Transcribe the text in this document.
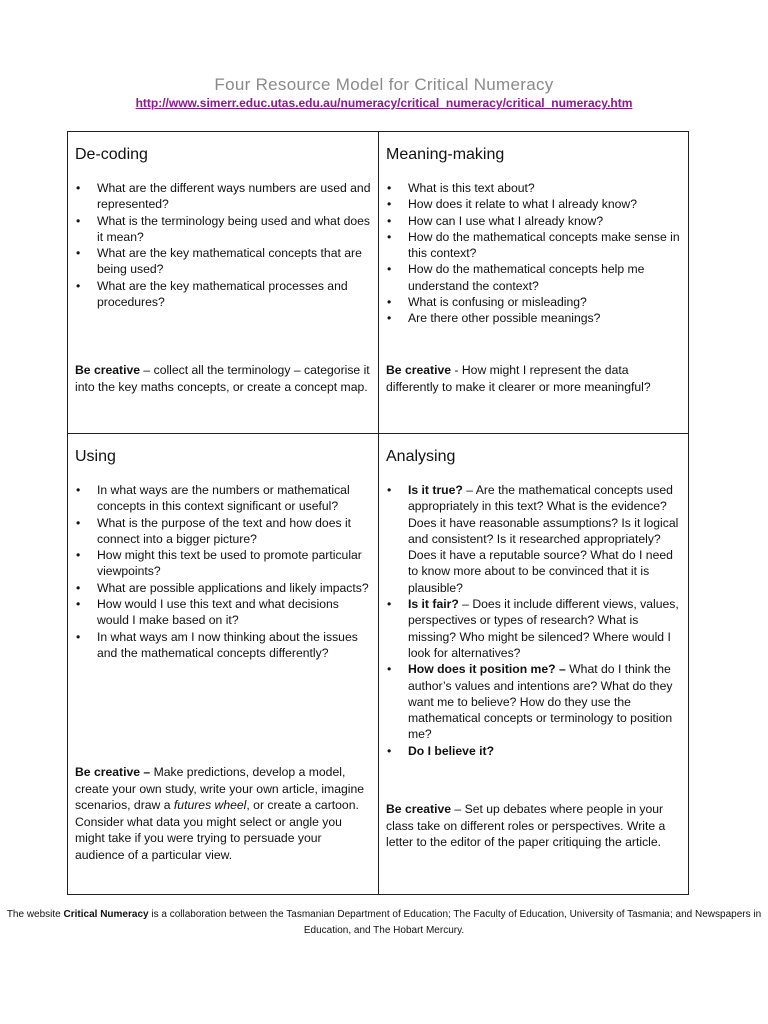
Four Resource Model for Critical Numeracy
http://www.simerr.educ.utas.edu.au/numeracy/critical_numeracy/critical_numeracy.htm
De-coding
• What are the different ways numbers are used and represented?
• What is the terminology being used and what does it mean?
• What are the key mathematical concepts that are being used?
• What are the key mathematical processes and procedures?
Be creative – collect all the terminology – categorise it into the key maths concepts, or create a concept map.
Meaning-making
• What is this text about?
• How does it relate to what I already know?
• How can I use what I already know?
• How do the mathematical concepts make sense in this context?
• How do the mathematical concepts help me understand the context?
• What is confusing or misleading?
• Are there other possible meanings?
Be creative - How might I represent the data differently to make it clearer or more meaningful?
Using
• In what ways are the numbers or mathematical concepts in this context significant or useful?
• What is the purpose of the text and how does it connect into a bigger picture?
• How might this text be used to promote particular viewpoints?
• What are possible applications and likely impacts?
• How would I use this text and what decisions would I make based on it?
• In what ways am I now thinking about the issues and the mathematical concepts differently?
Be creative – Make predictions, develop a model, create your own study, write your own article, imagine scenarios, draw a futures wheel, or create a cartoon. Consider what data you might select or angle you might take if you were trying to persuade your audience of a particular view.
Analysing
• Is it true? – Are the mathematical concepts used appropriately in this text? What is the evidence? Does it have reasonable assumptions? Is it logical and consistent? Is it researched appropriately? Does it have a reputable source? What do I need to know more about to be convinced that it is plausible?
• Is it fair? – Does it include different views, values, perspectives or types of research? What is missing? Who might be silenced? Where would I look for alternatives?
• How does it position me? – What do I think the author’s values and intentions are? What do they want me to believe? How do they use the mathematical concepts or terminology to position me?
• Do I believe it?
Be creative – Set up debates where people in your class take on different roles or perspectives. Write a letter to the editor of the paper critiquing the article.
The website Critical Numeracy is a collaboration between the Tasmanian Department of Education; The Faculty of Education, University of Tasmania; and Newspapers in Education, and The Hobart Mercury.
